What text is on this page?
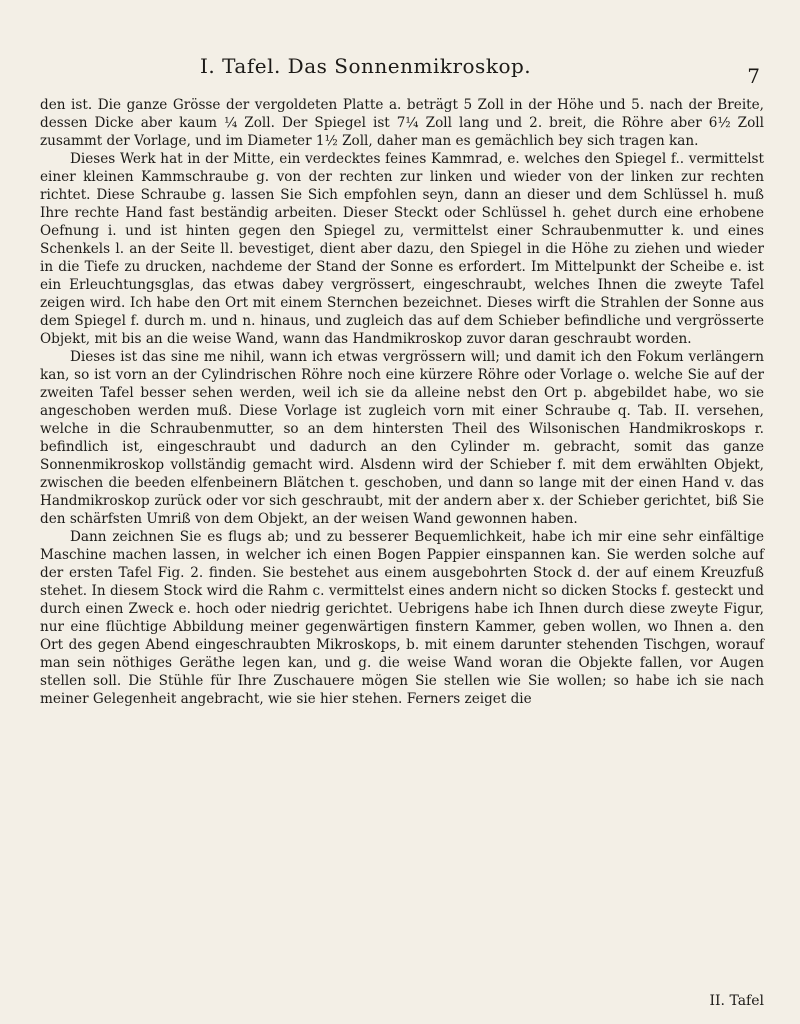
I. Tafel. Das Sonnenmikroskop.	7

den ist. Die ganze Grösse der vergoldeten Platte a. beträgt 5 Zoll in der Höhe und 5. nach der Breite, dessen Dicke aber kaum ¼ Zoll. Der Spiegel ist 7¼ Zoll lang und 2. breit, die Röhre aber 6½ Zoll zusammt der Vorlage, und im Diameter 1½ Zoll, daher man es gemächlich bey sich tragen kan.

Dieses Werk hat in der Mitte, ein verdecktes feines Kammrad, e. welches den Spiegel f.. vermittelst einer kleinen Kammschraube g. von der rechten zur linken und wieder von der linken zur rechten richtet. Diese Schraube g. lassen Sie Sich empfohlen seyn, dann an dieser und dem Schlüssel h. muß Ihre rechte Hand fast beständig arbeiten. Dieser Steckt oder Schlüssel h. gehet durch eine erhobene Oefnung i. und ist hinten gegen den Spiegel zu, vermittelst einer Schraubenmutter k. und eines Schenkels l. an der Seite ll. bevestiget, dient aber dazu, den Spiegel in die Höhe zu ziehen und wieder in die Tiefe zu drucken, nachdeme der Stand der Sonne es erfordert. Im Mittelpunkt der Scheibe e. ist ein Erleuchtungsglas, das etwas dabey vergrössert, eingeschraubt, welches Ihnen die zweyte Tafel zeigen wird. Ich habe den Ort mit einem Sternchen bezeichnet. Dieses wirft die Strahlen der Sonne aus dem Spiegel f. durch m. und n. hinaus, und zugleich das auf dem Schieber befindliche und vergrösserte Objekt, mit bis an die weise Wand, wann das Handmikroskop zuvor daran geschraubt worden.

Dieses ist das sine me nihil, wann ich etwas vergrössern will; und damit ich den Fokum verlängern kan, so ist vorn an der Cylindrischen Röhre noch eine kürzere Röhre oder Vorlage o. welche Sie auf der zweiten Tafel besser sehen werden, weil ich sie da alleine nebst den Ort p. abgebildet habe, wo sie angeschoben werden muß. Diese Vorlage ist zugleich vorn mit einer Schraube q. Tab. II. versehen, welche in die Schraubenmutter, so an dem hintersten Theil des Wilsonischen Handmikroskops r. befindlich ist, eingeschraubt und dadurch an den Cylinder m. gebracht, somit das ganze Sonnenmikroskop vollständig gemacht wird. Alsdenn wird der Schieber f. mit dem erwählten Objekt, zwischen die beeden elfenbeinern Blätchen t. geschoben, und dann so lange mit der einen Hand v. das Handmikroskop zurück oder vor sich geschraubt, mit der andern aber x. der Schieber gerichtet, biß Sie den schärfsten Umriß von dem Objekt, an der weisen Wand gewonnen haben.

Dann zeichnen Sie es flugs ab; und zu besserer Bequemlichkeit, habe ich mir eine sehr einfältige Maschine machen lassen, in welcher ich einen Bogen Pappier einspannen kan. Sie werden solche auf der ersten Tafel Fig. 2. finden. Sie bestehet aus einem ausgebohrten Stock d. der auf einem Kreuzfuß stehet. In diesem Stock wird die Rahm c. vermittelst eines andern nicht so dicken Stocks f. gesteckt und durch einen Zweck e. hoch oder niedrig gerichtet. Uebrigens habe ich Ihnen durch diese zweyte Figur, nur eine flüchtige Abbildung meiner gegenwärtigen finstern Kammer, geben wollen, wo Ihnen a. den Ort des gegen Abend eingeschraubten Mikroskops, b. mit einem darunter stehenden Tischgen, worauf man sein nöthiges Geräthe legen kan, und g. die weise Wand woran die Objekte fallen, vor Augen stellen soll. Die Stühle für Ihre Zuschauere mögen Sie stellen wie Sie wollen; so habe ich sie nach meiner Gelegenheit angebracht, wie sie hier stehen. Ferners zeiget die

II. Tafel
